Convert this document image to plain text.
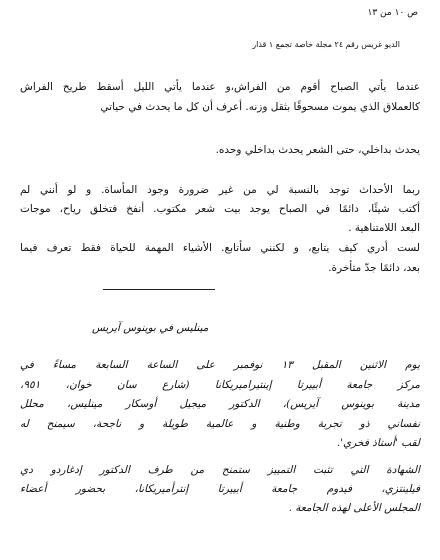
ص ١٠ من ١٣
الديو غريس رقم ٢٤ مجلة خاصة تجمع ١ قذار
عندما يأتي الصباح أقوم من الفراش،و عندما يأتي الليل أسقط طريح الفراش
كالعملاق الذي يموت مسحوقًا بثقل وزنه. أعرف أن كل ما يحدث في حياتي
يحدث بداخلي، حتى الشعر يحدث بداخلي وحده.
ربما الأحداث توجد بالنسبة لي من غير ضرورة وجود المأساة. و لو أنني لم
أكتب شيئًا، دائمًا في الصباح يوجد بيت شعر مكتوب. أنفخ فتخلق رياح، موجات
البعد اللامتناهية .
لست أدري كيف يتابع، و لكنني سأتابع. الأشياء المهمة للحياة فقط تعرف فيما
بعد، دائمًا جدّ متأخرة.
مينليس في بوينوس آيريس
يوم الاثنين المقبل ١٣ نوفمبر على الساعة السابعة مساءً في
مركز جامعة أبييرتا إينتيراميريكانا (شارع سان خوان، ٩٥١،
مدينة بوينوس آيريس)، الدكتور ميجيل أوسكار مينليس، محلل
نفساني ذو تجربة وطنية و عالمية طويلة و ناجحة، سيمنح له
لقب 'أستاذ فخري'.
الشهادة التي تثبت التمييز ستمنح من طرف الدكتور إدغاردو دي
فيلينتزي، فيدوم جامعة أبييرتا إنترأميريكانا، بحضور أعضاء
المجلس الأعلى لهذه الجامعة .
